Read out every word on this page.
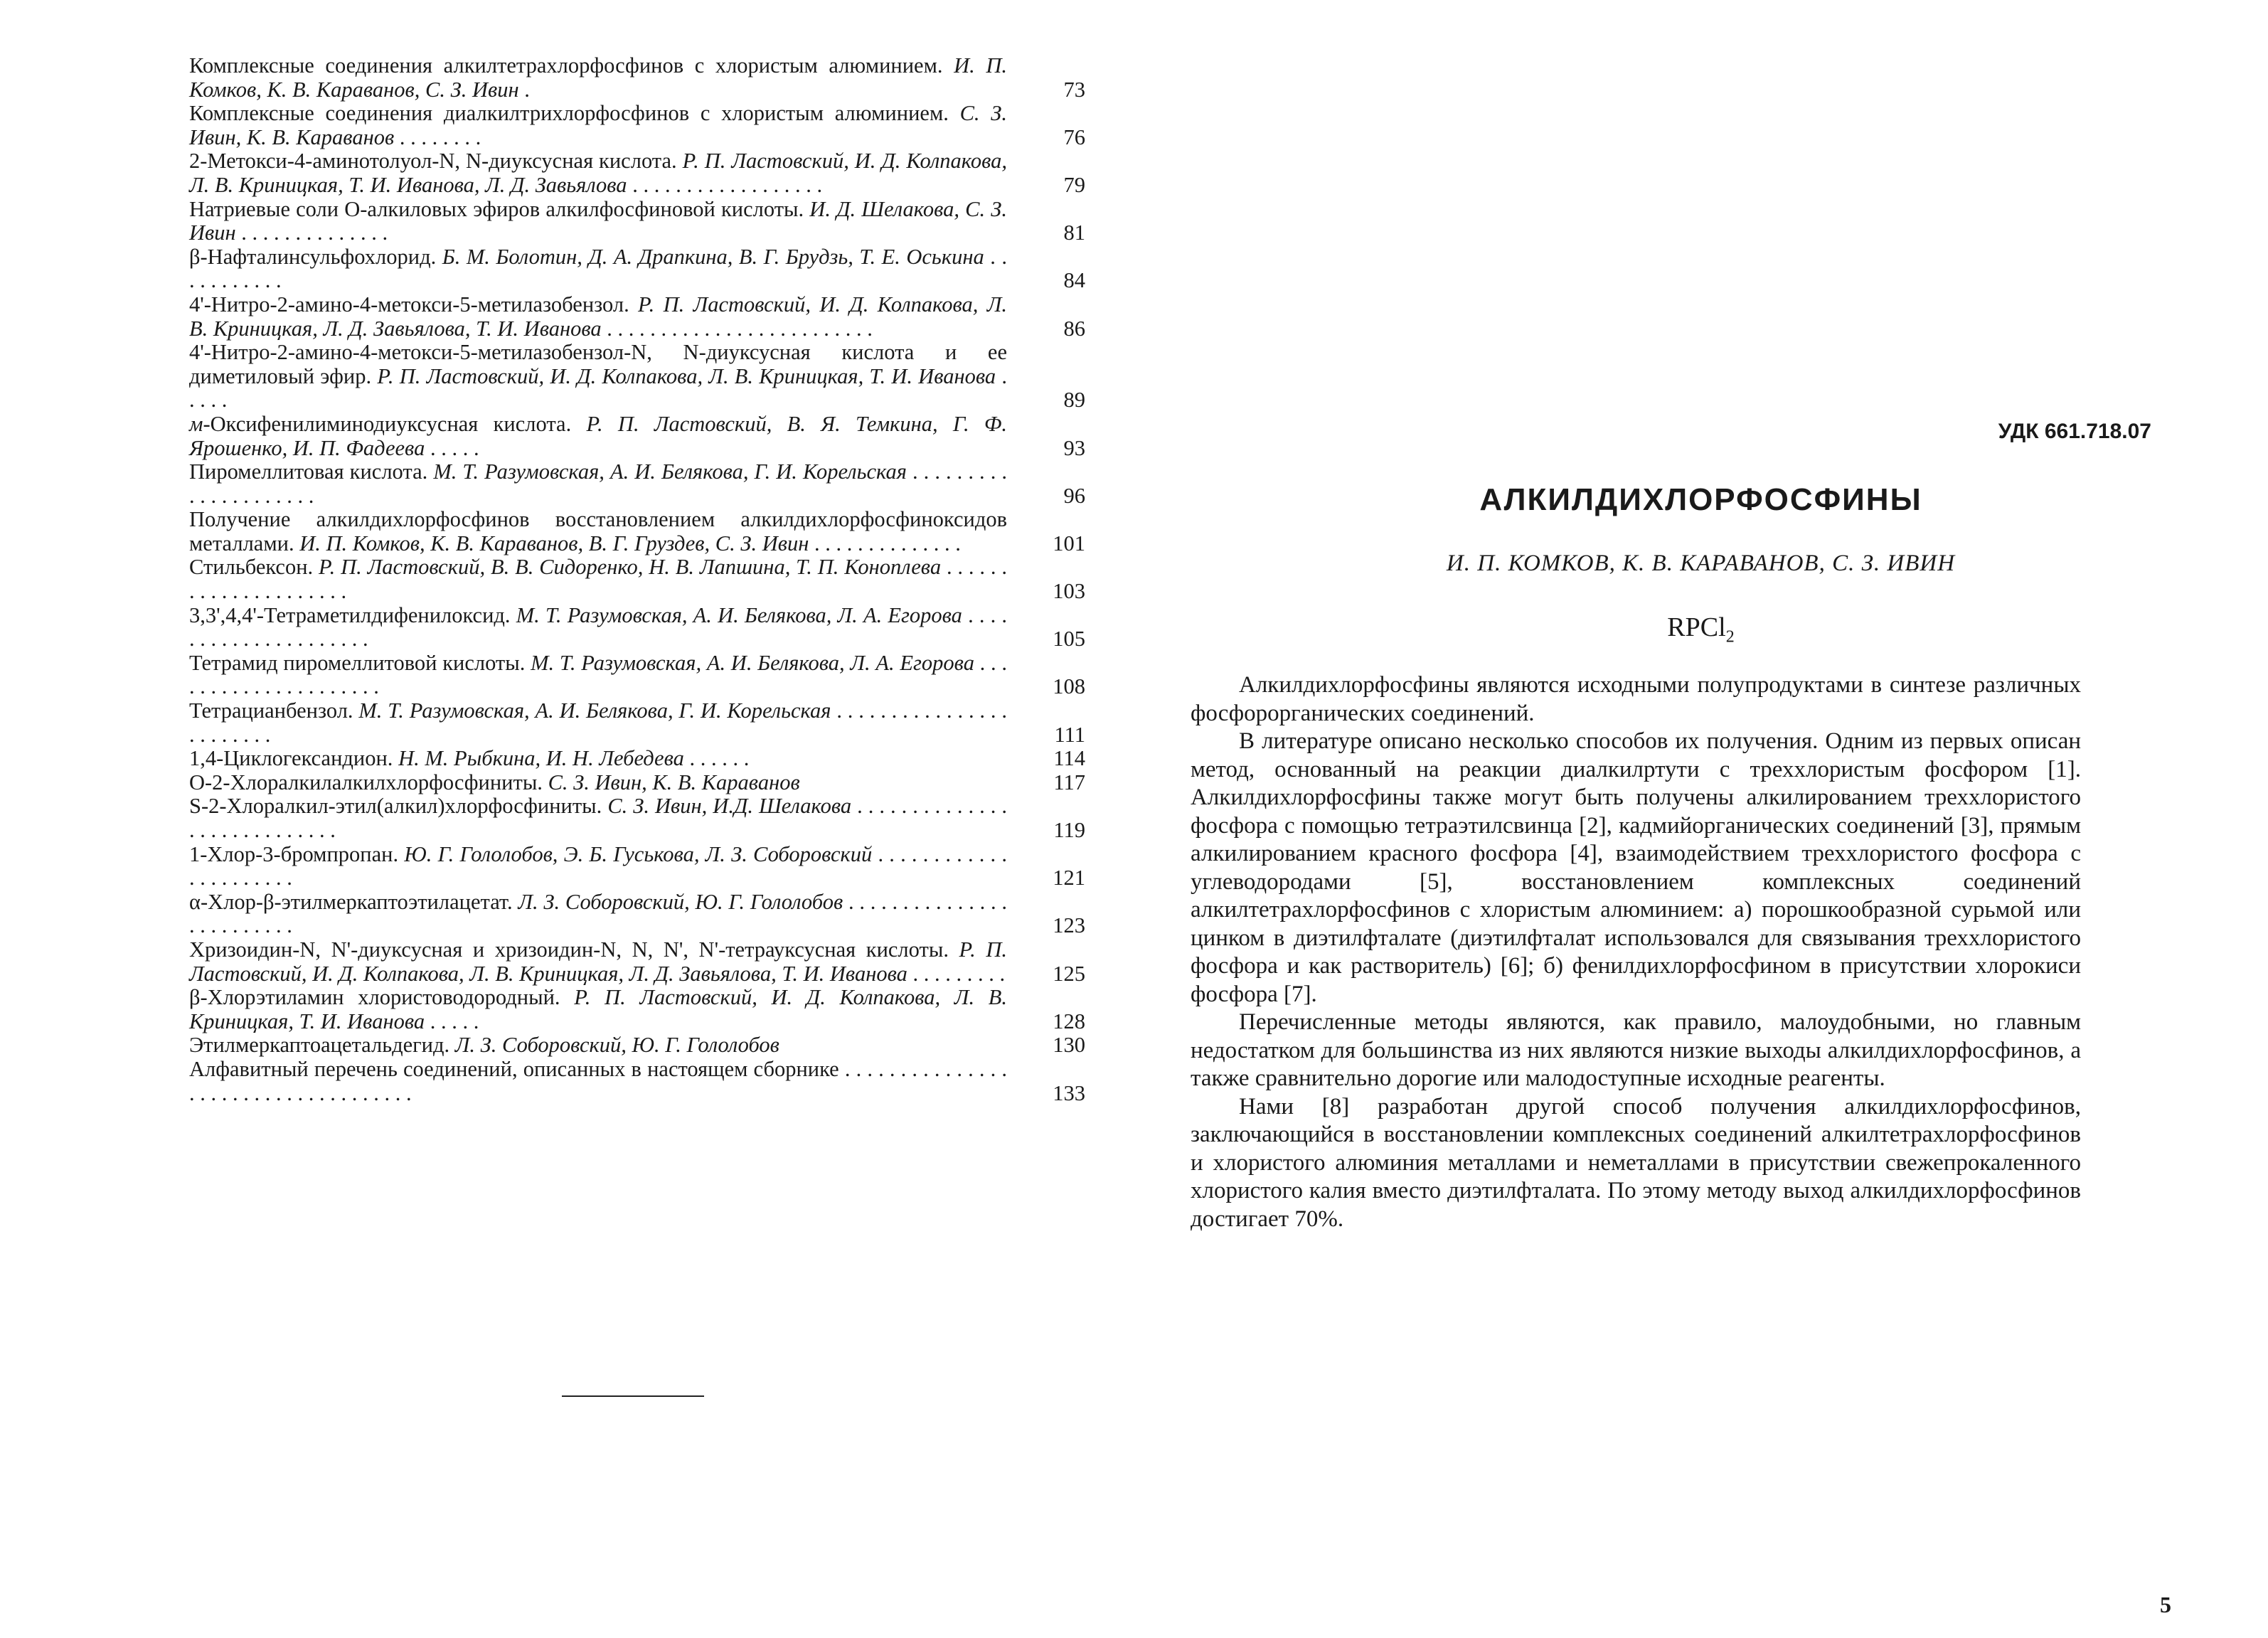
Комплексные соединения алкилтетрахлорфосфинов с хлористым алюминием. И. П. Комков, К. В. Караванов, С. З. Ивин .	73
Комплексные соединения диалкилтрихлорфосфинов с хлористым алюминием. С. З. Ивин, К. В. Караванов . . . . . . . .	76
2-Метокси-4-аминотолуол-N, N-диуксусная кислота. Р. П. Ластовский, И. Д. Колпакова, Л. В. Криницкая, Т. И. Иванова, Л. Д. Завьялова . . . . . . . . . . . . . . . . . .	79
Натриевые соли О-алкиловых эфиров алкилфосфиновой кислоты. И. Д. Шелакова, С. З. Ивин . . . . . . . . . . . . . .	81
β-Нафталинсульфохлорид. Б. М. Болотин, Д. А. Драпкина, В. Г. Брудзь, Т. Е. Оськина . . . . . . . . . . .	84
4'-Нитро-2-амино-4-метокси-5-метилазобензол. Р. П. Ластовский, И. Д. Колпакова, Л. В. Криницкая, Л. Д. Завьялова, Т. И. Иванова . . . . . . . . . . . . . . . . . . . . . . . . .	86
4'-Нитро-2-амино-4-метокси-5-метилазобензол-N, N-диуксусная кислота и ее диметиловый эфир. Р. П. Ластовский, И. Д. Колпакова, Л. В. Криницкая, Т. И. Иванова . . . . .	89
м-Оксифенилиминодиуксусная кислота. Р. П. Ластовский, В. Я. Темкина, Г. Ф. Ярошенко, И. П. Фадеева . . . . .	93
Пиромеллитовая кислота. М. Т. Разумовская, А. И. Белякова, Г. И. Корельская . . . . . . . . . . . . . . . . . . . . .	96
Получение алкилдихлорфосфинов восстановлением алкилдихлорфосфиноксидов металлами. И. П. Комков, К. В. Караванов, В. Г. Груздев, С. З. Ивин . . . . . . . . . . . . . .	101
Стильбексон. Р. П. Ластовский, В. В. Сидоренко, Н. В. Лапшина, Т. П. Коноплева . . . . . . . . . . . . . . . . . . . . .	103
3,3',4,4'-Тетраметилдифенилоксид. М. Т. Разумовская, А. И. Белякова, Л. А. Егорова . . . . . . . . . . . . . . . . . . . . .	105
Тетрамид пиромеллитовой кислоты. М. Т. Разумовская, А. И. Белякова, Л. А. Егорова . . . . . . . . . . . . . . . . . . . . .	108
Тетрацианбензол. М. Т. Разумовская, А. И. Белякова, Г. И. Корельская . . . . . . . . . . . . . . . . . . . . . . . .	111
1,4-Циклогександион. Н. М. Рыбкина, И. Н. Лебедева . . . . . .	114
О-2-Хлоралкилалкилхлорфосфиниты. С. З. Ивин, К. В. Караванов	117
S-2-Хлоралкил-этил(алкил)хлорфосфиниты. С. З. Ивин, И.Д. Шелакова . . . . . . . . . . . . . . . . . . . . . . . . . . . .	119
1-Хлор-3-бромпропан. Ю. Г. Гололобов, Э. Б. Гуськова, Л. З. Соборовский . . . . . . . . . . . . . . . . . . . . . .	121
α-Хлор-β-этилмеркаптоэтилацетат. Л. З. Соборовский, Ю. Г. Гололобов . . . . . . . . . . . . . . . . . . . . . . . . .	123
Хризоидин-N, N'-диуксусная и хризоидин-N, N, N', N'-тетрауксусная кислоты. Р. П. Ластовский, И. Д. Колпакова, Л. В. Криницкая, Л. Д. Завьялова, Т. И. Иванова . . . . . . . . .	125
β-Хлорэтиламин хлористоводородный. Р. П. Ластовский, И. Д. Колпакова, Л. В. Криницкая, Т. И. Иванова . . . . .	128
Этилмеркаптоацетальдегид. Л. З. Соборовский, Ю. Г. Гололобов	130
Алфавитный перечень соединений, описанных в настоящем сборнике . . . . . . . . . . . . . . . . . . . . . . . . . . . . . . . . . . . .	133
УДК 661.718.07
АЛКИЛДИХЛОРФОСФИНЫ
И. П. КОМКОВ, К. В. КАРАВАНОВ, С. З. ИВИН
RPCl$_2$

Алкилдихлорфосфины являются исходными полупродуктами в синтезе различных фосфорорганических соединений.

В литературе описано несколько способов их получения. Одним из первых описан метод, основанный на реакции диалкилртути с треххлористым фосфором [1]. Алкилдихлорфосфины также могут быть получены алкилированием треххлористого фосфора с помощью тетраэтилсвинца [2], кадмийорганических соединений [3], прямым алкилированием красного фосфора [4], взаимодействием треххлористого фосфора с углеводородами [5], восстановлением комплексных соединений алкилтетрахлорфосфинов с хлористым алюминием: а) порошкообразной сурьмой или цинком в диэтилфталате (диэтилфталат использовался для связывания треххлористого фосфора и как растворитель) [6]; б) фенилдихлорфосфином в присутствии хлорокиси фосфора [7].

Перечисленные методы являются, как правило, малоудобными, но главным недостатком для большинства из них являются низкие выходы алкилдихлорфосфинов, а также сравнительно дорогие или малодоступные исходные реагенты.

Нами [8] разработан другой способ получения алкилдихлорфосфинов, заключающийся в восстановлении комплексных соединений алкилтетрахлорфосфинов и хлористого алюминия металлами и неметаллами в присутствии свежепрокаленного хлористого калия вместо диэтилфталата. По этому методу выход алкилдихлорфосфинов достигает 70%.

5
